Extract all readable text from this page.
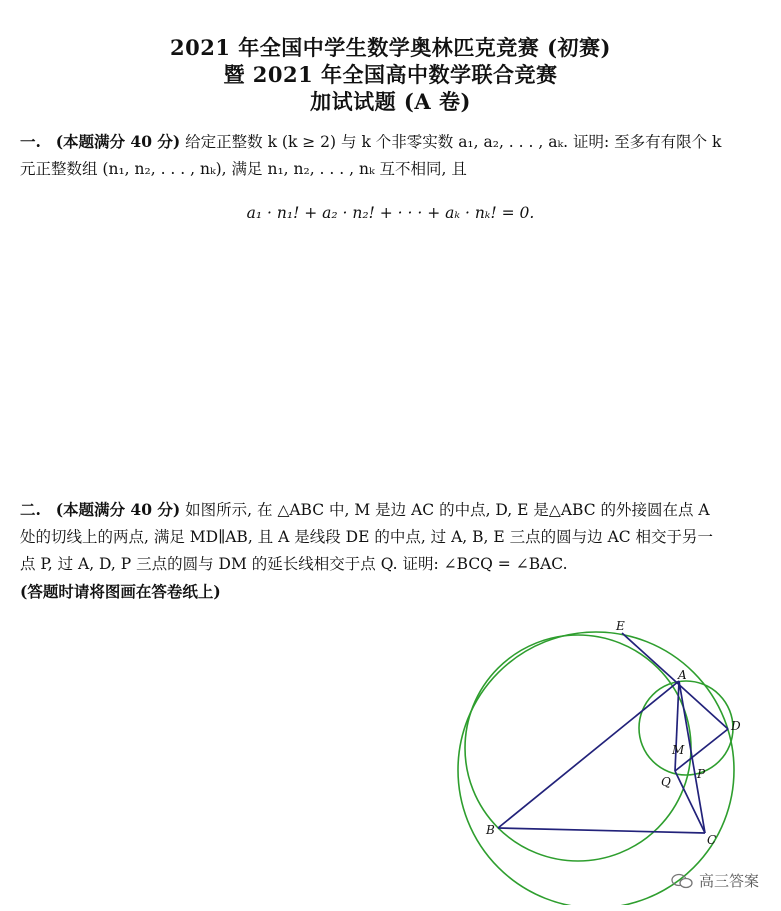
2021 年全国中学生数学奥林匹克竞赛 (初赛)
暨 2021 年全国高中数学联合竞赛
加试试题 (A 卷)
一. (本题满分 40 分) 给定正整数 k (k ≥ 2) 与 k 个非零实数 a₁, a₂, . . . , aₖ. 证明: 至多有有限个 k
元正整数组 (n₁, n₂, . . . , nₖ), 满足 n₁, n₂, . . . , nₖ 互不相同, 且
a₁ · n₁! + a₂ · n₂! + · · · + aₖ · nₖ! = 0.
二. (本题满分 40 分) 如图所示, 在 △ABC 中, M 是边 AC 的中点, D, E 是△ABC 的外接圆在点 A
处的切线上的两点, 满足 MD∥AB, 且 A 是线段 DE 的中点, 过 A, B, E 三点的圆与边 AC 相交于另一
点 P, 过 A, D, P 三点的圆与 DM 的延长线相交于点 Q. 证明: ∠BCQ = ∠BAC.
(答题时请将图画在答卷纸上)
E
A
D
M
Q
P
B
C
高三答案
